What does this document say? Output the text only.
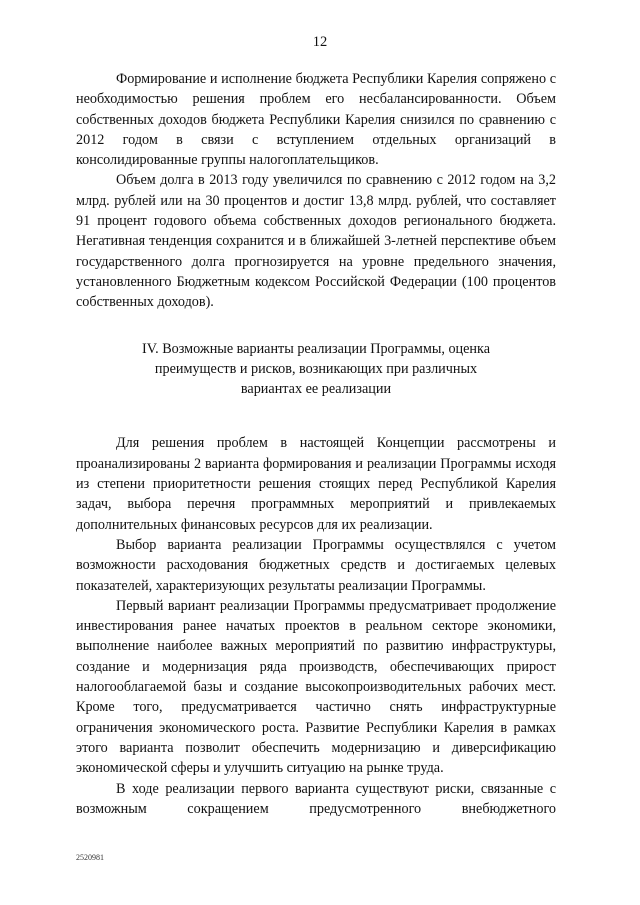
12

Формирование и исполнение бюджета Республики Карелия сопряжено с необходимостью решения проблем его несбалансированности. Объем собственных доходов бюджета Республики Карелия снизился по сравнению с 2012 годом в связи с вступлением отдельных организаций в консолидированные группы налогоплательщиков.

Объем долга в 2013 году увеличился по сравнению с 2012 годом на 3,2 млрд. рублей или на 30 процентов и достиг 13,8 млрд. рублей, что составляет 91 процент годового объема собственных доходов регионального бюджета. Негативная тенденция сохранится и в ближайшей 3-летней перспективе объем государственного долга прогнозируется на уровне предельного значения, установленного Бюджетным кодексом Российской Федерации (100 процентов собственных доходов).

IV. Возможные варианты реализации Программы, оценка
преимуществ и рисков, возникающих при различных
вариантах ее реализации

Для решения проблем в настоящей Концепции рассмотрены и проанализированы 2 варианта формирования и реализации Программы исходя из степени приоритетности решения стоящих перед Республикой Карелия задач, выбора перечня программных мероприятий и привлекаемых дополнительных финансовых ресурсов для их реализации.

Выбор варианта реализации Программы осуществлялся с учетом возможности расходования бюджетных средств и достигаемых целевых показателей, характеризующих результаты реализации Программы.

Первый вариант реализации Программы предусматривает продолжение инвестирования ранее начатых проектов в реальном секторе экономики, выполнение наиболее важных мероприятий по развитию инфраструктуры, создание и модернизация ряда производств, обеспечивающих прирост налогооблагаемой базы и создание высокопроизводительных рабочих мест. Кроме того, предусматривается частично снять инфраструктурные ограничения экономического роста. Развитие Республики Карелия в рамках этого варианта позволит обеспечить модернизацию и диверсификацию экономической сферы и улучшить ситуацию на рынке труда.

В ходе реализации первого варианта существуют риски, связанные с возможным сокращением предусмотренного внебюджетного

2520981
